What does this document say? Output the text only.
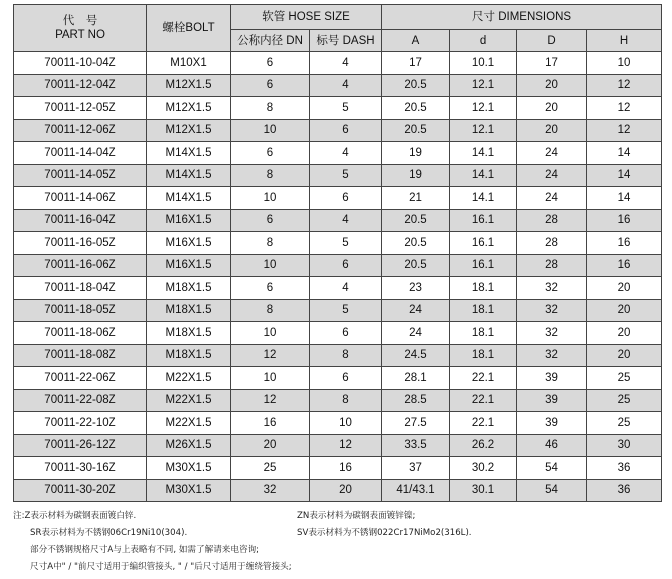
代　号
PART NO	螺栓BOLT	软管 HOSE SIZE		尺寸 DIMENSIONS			
		公称内径 DN	标号 DASH	A	d	D	H
70011-10-04Z	M10X1	6	4	17	10.1	17	10
70011-12-04Z	M12X1.5	6	4	20.5	12.1	20	12
70011-12-05Z	M12X1.5	8	5	20.5	12.1	20	12
70011-12-06Z	M12X1.5	10	6	20.5	12.1	20	12
70011-14-04Z	M14X1.5	6	4	19	14.1	24	14
70011-14-05Z	M14X1.5	8	5	19	14.1	24	14
70011-14-06Z	M14X1.5	10	6	21	14.1	24	14
70011-16-04Z	M16X1.5	6	4	20.5	16.1	28	16
70011-16-05Z	M16X1.5	8	5	20.5	16.1	28	16
70011-16-06Z	M16X1.5	10	6	20.5	16.1	28	16
70011-18-04Z	M18X1.5	6	4	23	18.1	32	20
70011-18-05Z	M18X1.5	8	5	24	18.1	32	20
70011-18-06Z	M18X1.5	10	6	24	18.1	32	20
70011-18-08Z	M18X1.5	12	8	24.5	18.1	32	20
70011-22-06Z	M22X1.5	10	6	28.1	22.1	39	25
70011-22-08Z	M22X1.5	12	8	28.5	22.1	39	25
70011-22-10Z	M22X1.5	16	10	27.5	22.1	39	25
70011-26-12Z	M26X1.5	20	12	33.5	26.2	46	30
70011-30-16Z	M30X1.5	25	16	37	30.2	54	36
70011-30-20Z	M30X1.5	32	20	41/43.1	30.1	54	36
注:Z表示材料为碳钢表面镀白锌.	ZN表示材料为碳钢表面镀锌镍;
SR表示材料为不锈钢06Cr19Ni10(304).	SV表示材料为不锈钢022Cr17NiMo2(316L).
部分不锈钢规格尺寸A与上表略有不同, 如需了解请来电咨询;
尺寸A中" / "前尺寸适用于编织管接头, " / "后尺寸适用于缠绕管接头;
